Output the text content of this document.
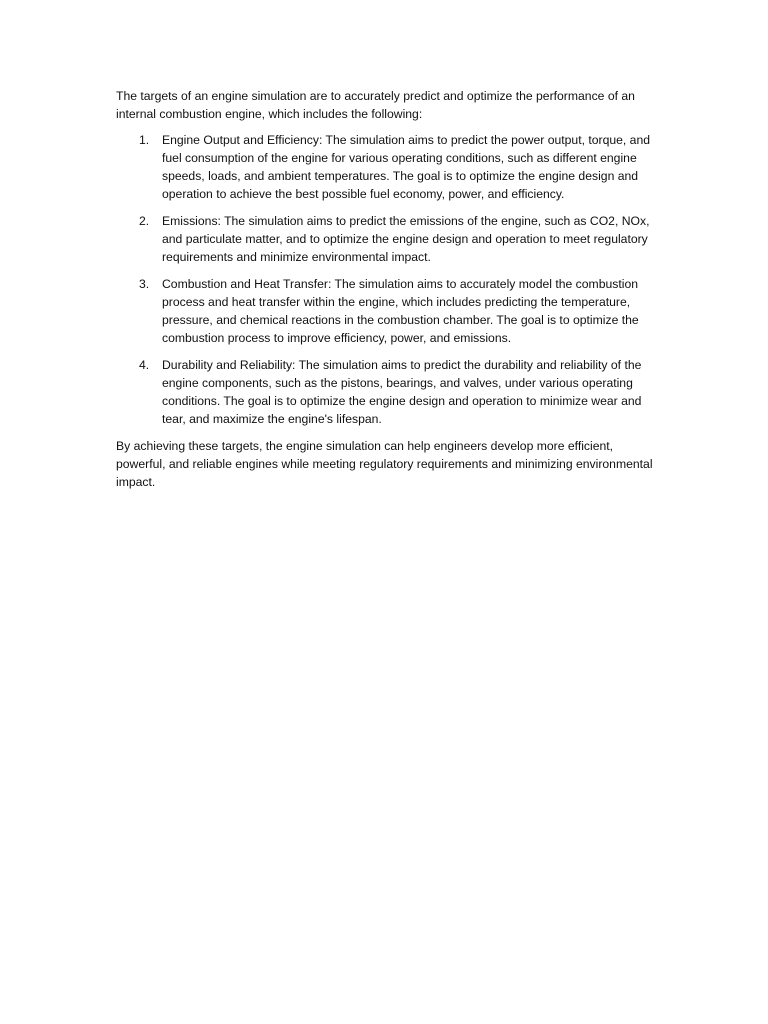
The targets of an engine simulation are to accurately predict and optimize the performance of an internal combustion engine, which includes the following:

1. Engine Output and Efficiency: The simulation aims to predict the power output, torque, and fuel consumption of the engine for various operating conditions, such as different engine speeds, loads, and ambient temperatures. The goal is to optimize the engine design and operation to achieve the best possible fuel economy, power, and efficiency.
2. Emissions: The simulation aims to predict the emissions of the engine, such as CO2, NOx, and particulate matter, and to optimize the engine design and operation to meet regulatory requirements and minimize environmental impact.
3. Combustion and Heat Transfer: The simulation aims to accurately model the combustion process and heat transfer within the engine, which includes predicting the temperature, pressure, and chemical reactions in the combustion chamber. The goal is to optimize the combustion process to improve efficiency, power, and emissions.
4. Durability and Reliability: The simulation aims to predict the durability and reliability of the engine components, such as the pistons, bearings, and valves, under various operating conditions. The goal is to optimize the engine design and operation to minimize wear and tear, and maximize the engine's lifespan.

By achieving these targets, the engine simulation can help engineers develop more efficient, powerful, and reliable engines while meeting regulatory requirements and minimizing environmental impact.
